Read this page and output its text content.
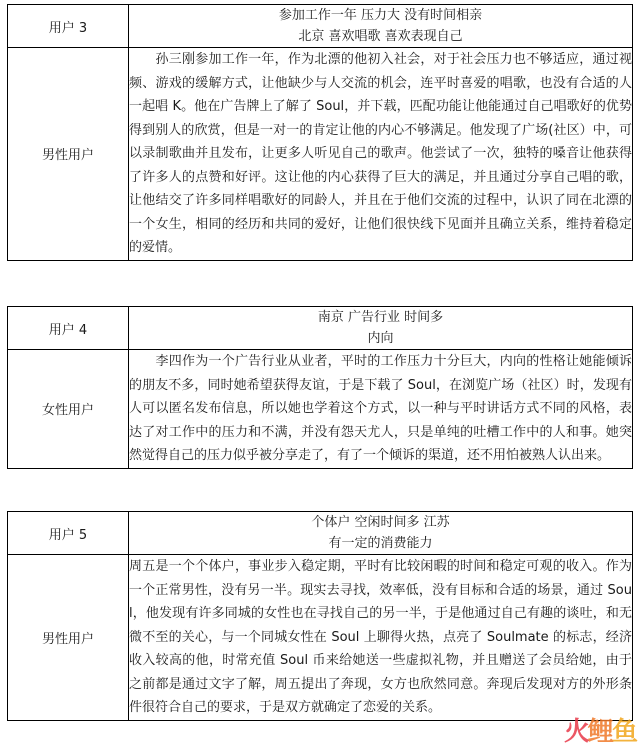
用户 3	参加工作一年 压力大 没有时间相亲
北京 喜欢唱歌 喜欢表现自己

男性用户	　　孙三刚参加工作一年，作为北漂的他初入社会，对于社会压力也不够适应，通过视频、游戏的缓解方式，让他缺少与人交流的机会，连平时喜爱的唱歌，也没有合适的人一起唱 K。他在广告牌上了解了 Soul，并下载，匹配功能让他能通过自己唱歌好的优势得到别人的欣赏，但是一对一的肯定让他的内心不够满足。他发现了广场(社区）中，可以录制歌曲并且发布，让更多人听见自己的歌声。他尝试了一次，独特的嗓音让他获得了许多人的点赞和好评。这让他的内心获得了巨大的满足，并且通过分享自己唱的歌，让他结交了许多同样唱歌好的同龄人，并且在于他们交流的过程中，认识了同在北漂的一个女生，相同的经历和共同的爱好，让他们很快线下见面并且确立关系，维持着稳定的爱情。
用户 4	南京 广告行业 时间多
内向

女性用户	　　李四作为一个广告行业从业者，平时的工作压力十分巨大，内向的性格让她能倾诉的朋友不多，同时她希望获得友谊，于是下载了 Soul，在浏览广场（社区）时，发现有人可以匿名发布信息，所以她也学着这个方式，以一种与平时讲话方式不同的风格，表达了对工作中的压力和不满，并没有怨天尤人，只是单纯的吐槽工作中的人和事。她突然觉得自己的压力似乎被分享走了，有了一个倾诉的渠道，还不用怕被熟人认出来。
用户 5	个体户 空闲时间多 江苏
有一定的消费能力

男性用户	周五是一个个体户，事业步入稳定期，平时有比较闲暇的时间和稳定可观的收入。作为一个正常男性，没有另一半。现实去寻找，效率低，没有目标和合适的场景，通过 Soul，他发现有许多同城的女性也在寻找自己的另一半，于是他通过自己有趣的谈吐，和无微不至的关心，与一个同城女性在 Soul 上聊得火热，点亮了 Soulmate 的标志，经济收入较高的他，时常充值 Soul 币来给她送一些虚拟礼物，并且赠送了会员给她，由于之前都是通过文字了解，周五提出了奔现，女方也欣然同意。奔现后发现对方的外形条件很符合自己的要求，于是双方就确定了恋爱的关系。
火鲤鱼
